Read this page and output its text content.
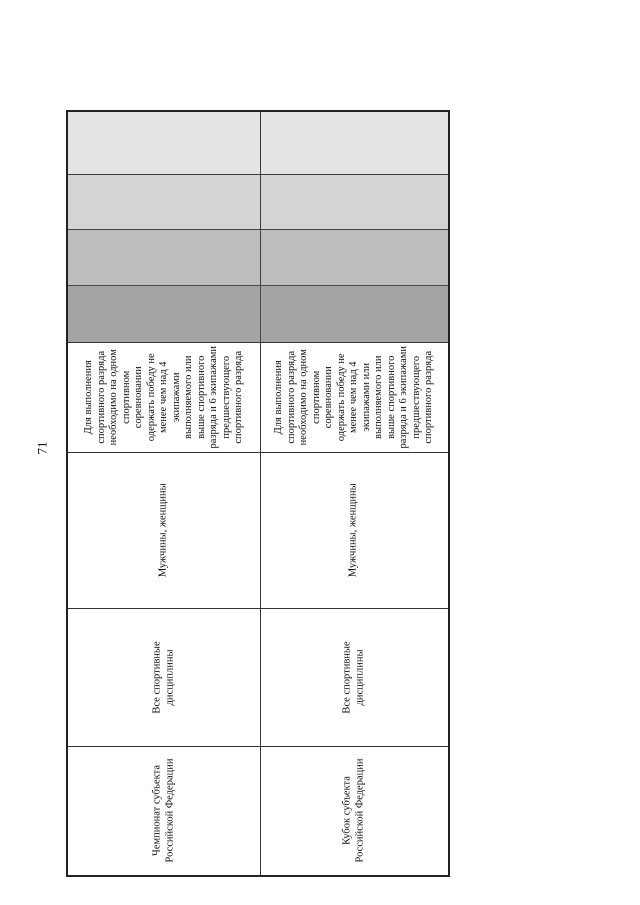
71
Для выполнения
спортивного разряда
необходимо на одном
спортивном
соревновании
одержать победу не
менее чем над 4
экипажами
выполняемого или
выше спортивного
разряда и 6 экипажами
предшествующего
спортивного разряда
Мужчины, женщины
Все спортивные
дисциплины
Чемпионат субъекта
Российской Федерации
Для выполнения
спортивного разряда
необходимо на одном
спортивном
соревновании
одержать победу не
менее чем над 4
экипажами или
выполняемого или
выше спортивного
разряда и 6 экипажами
предшествующего
спортивного разряда
Мужчины, женщины
Все спортивные
дисциплины
Кубок субъекта
Российской Федерации
